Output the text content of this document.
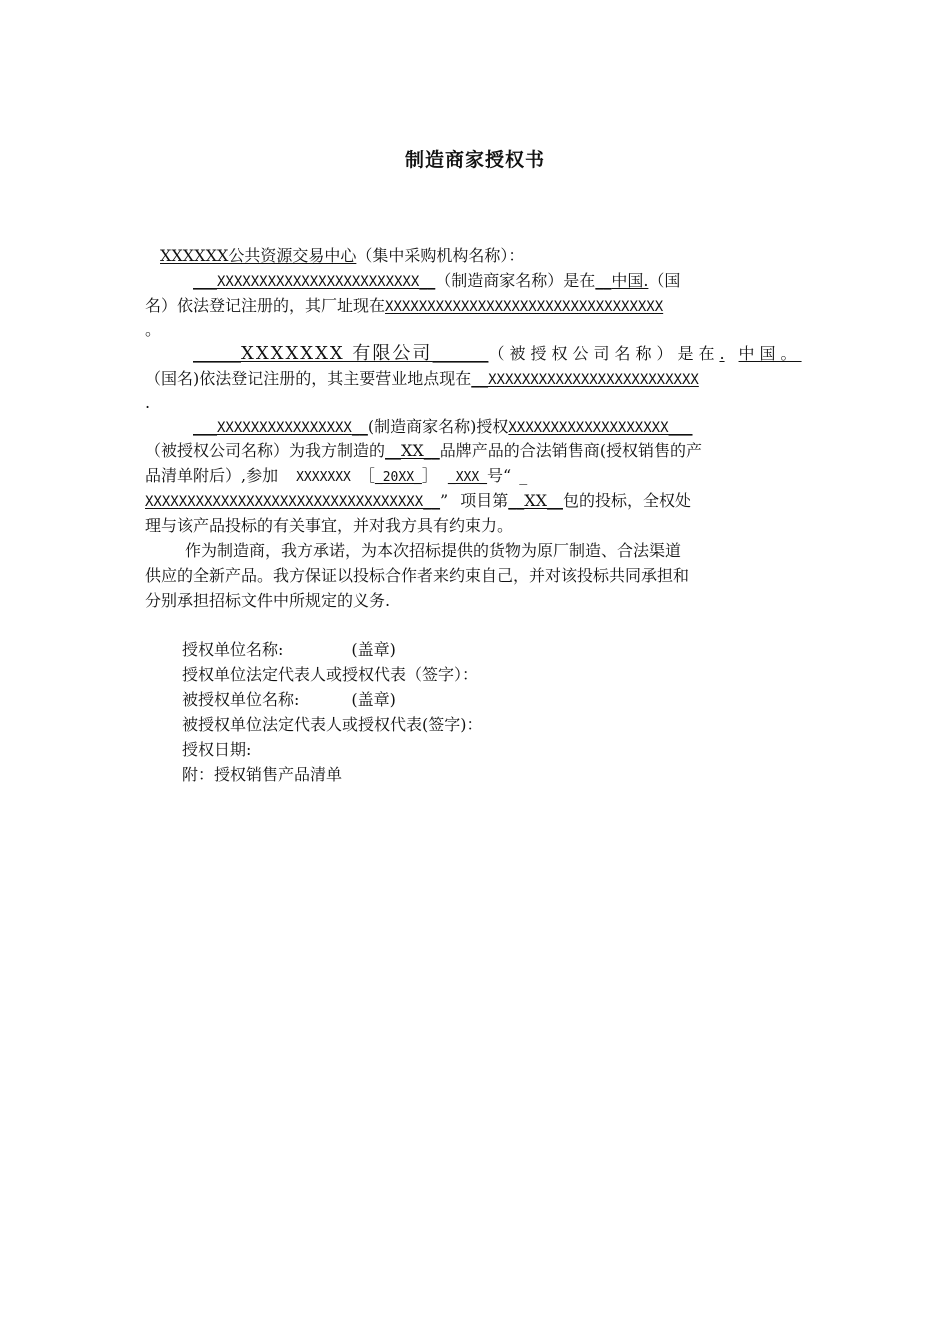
制造商家授权书
XXXXXX公共资源交易中心（集中采购机构名称）：
___XXXXXXXXXXXXXXXXXXXXXXXX__（制造商家名称）是在__中国.（国
名）依法登记注册的，其厂址现在XXXXXXXXXXXXXXXXXXXXXXXXXXXXXXXXX
。
______XXXXXXX 有限公司_______（被授权公司名称）是在. 中国。
（国名)依法登记注册的，其主要营业地点现在__XXXXXXXXXXXXXXXXXXXXXXXXX
.
___XXXXXXXXXXXXXXXX__(制造商家名称)授权XXXXXXXXXXXXXXXXXXX___
（被授权公司名称）为我方制造的__XX__品牌产品的合法销售商(授权销售的产
品清单附后）,参加 XXXXXXX ［_20XX_］ _XXX_号“ _
XXXXXXXXXXXXXXXXXXXXXXXXXXXXXXXXX__” 项目第__XX__包的投标，全权处
理与该产品投标的有关事宜，并对我方具有约束力。
作为制造商，我方承诺，为本次招标提供的货物为原厂制造、合法渠道
供应的全新产品。我方保证以投标合作者来约束自己，并对该投标共同承担和
分别承担招标文件中所规定的义务.
授权单位名称:	(盖章)
授权单位法定代表人或授权代表（签字）：
被授权单位名称:	(盖章)
被授权单位法定代表人或授权代表(签字)：
授权日期:
附：授权销售产品清单
